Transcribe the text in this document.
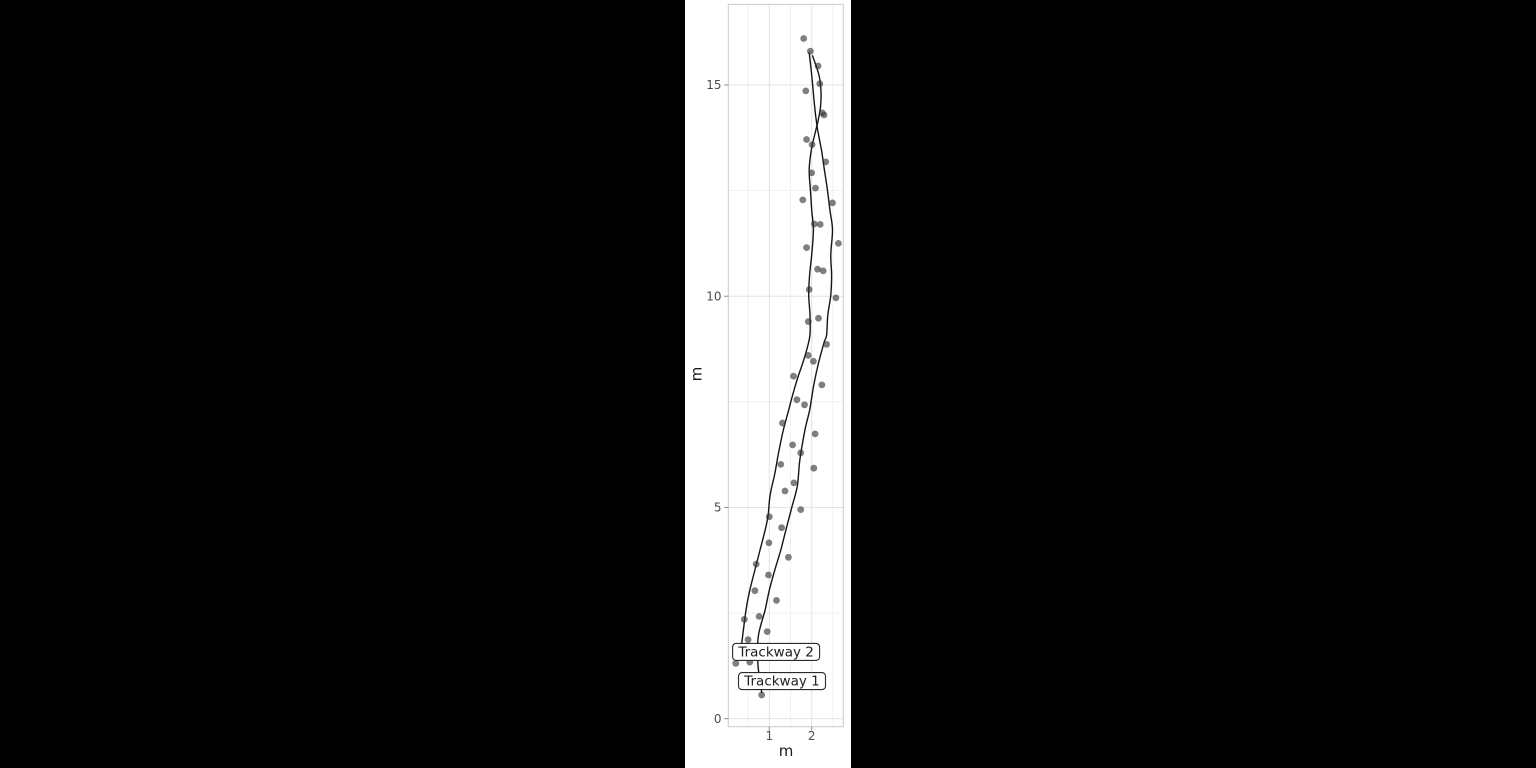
0
5
10
15
1	2
m
m
Trackway 2
Trackway 1
